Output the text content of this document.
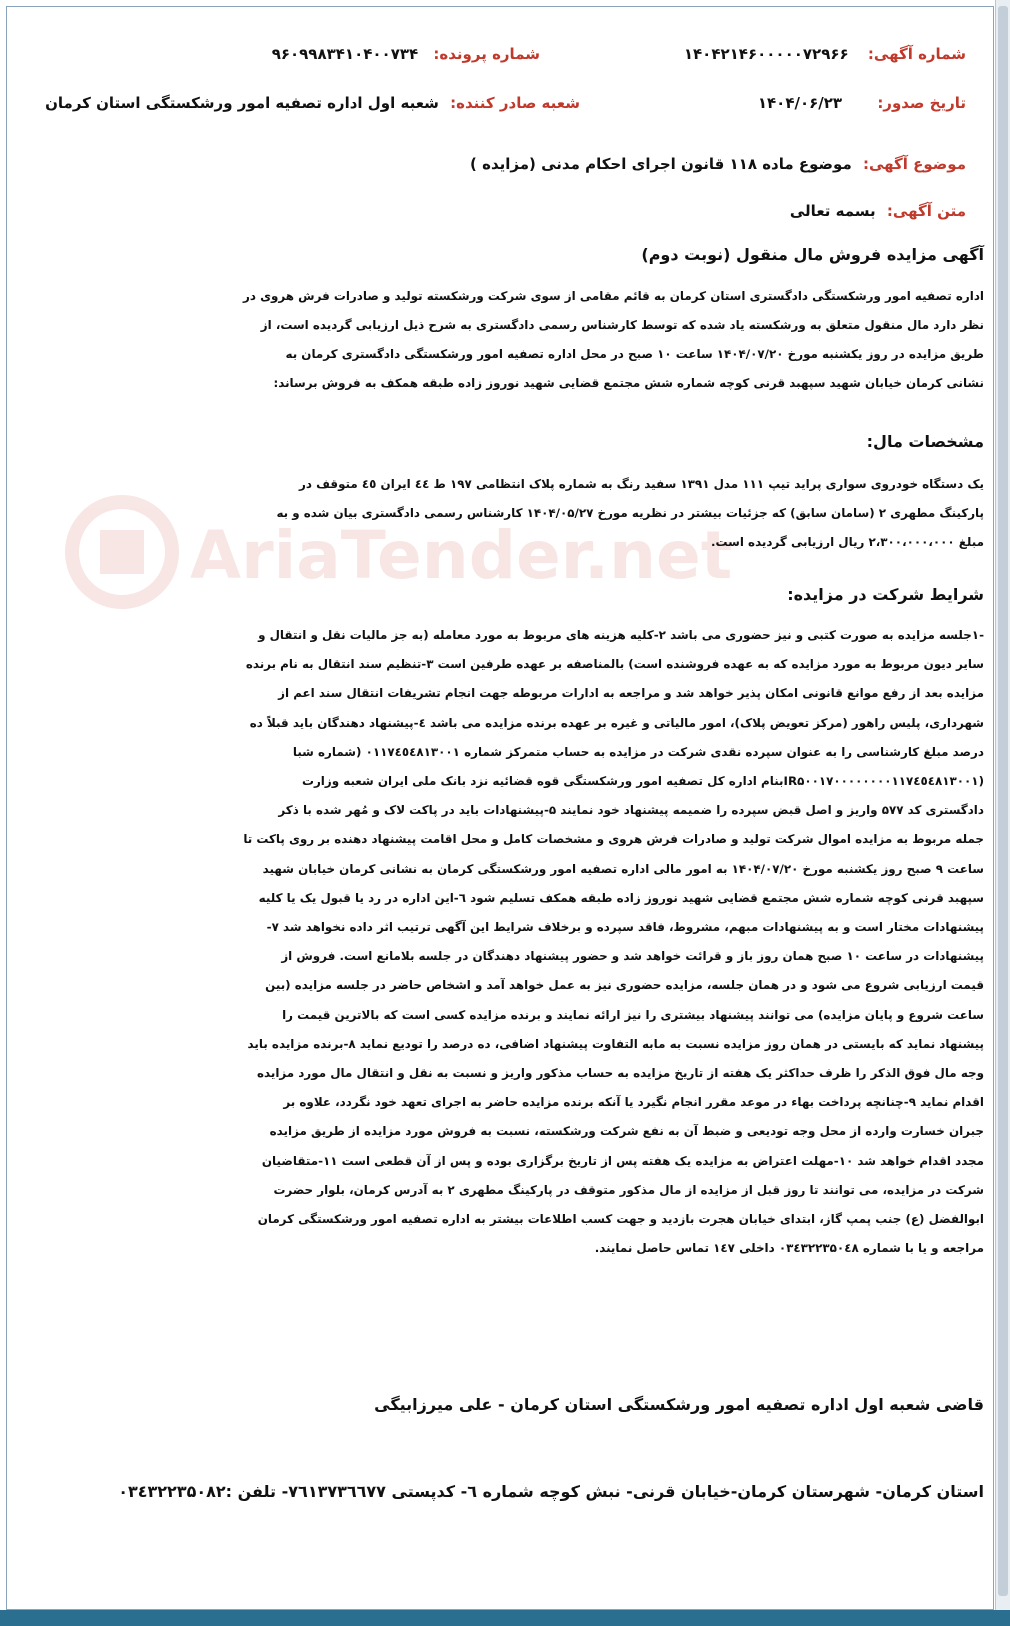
شماره آگهی: ۱۴۰۴۲۱۴۶۰۰۰۰۰۷۲۹۶۶
شماره پرونده: ۹۶۰۹۹۸۳۴۱۰۴۰۰۷۳۴
تاریخ صدور: ۱۴۰۴/۰۶/۲۳
شعبه صادر کننده: شعبه اول اداره تصفیه امور ورشکستگی استان کرمان
موضوع آگهی: موضوع ماده ۱۱۸ قانون اجرای احکام مدنی (مزایده )
متن آگهی: بسمه تعالی
آگهی مزایده فروش مال منقول (نوبت دوم)
اداره تصفیه امور ورشکستگی دادگستری استان کرمان به قائم مقامی از سوی شرکت ورشکسته تولید و صادرات فرش هروی در
نظر دارد مال منقول متعلق به ورشکسته یاد شده که توسط کارشناس رسمی دادگستری به شرح ذیل ارزیابی گردیده است، از
طریق مزایده در روز یکشنبه مورخ ۱۴۰۴/۰۷/۲۰ ساعت ۱۰ صبح در محل اداره تصفیه امور ورشکستگی دادگستری کرمان به
نشانی کرمان خیابان شهید سپهبد قرنی کوچه شماره شش مجتمع قضایی شهید نوروز زاده طبقه همکف به فروش برساند:
مشخصات مال:
یک دستگاه خودروی سواری پراید تیپ ۱۱۱ مدل ۱۳۹۱ سفید رنگ به شماره پلاک انتظامی ۱۹۷ ط ٤٤ ایران ٤٥ متوقف در
پارکینگ مطهری ۲ (سامان سابق) که جزئیات بیشتر در نظریه مورخ ۱۴۰۴/۰۵/۲۷ کارشناس رسمی دادگستری بیان شده و به
مبلغ ۲،۳۰۰،۰۰۰،۰۰۰ ریال ارزیابی گردیده است.
شرایط شرکت در مزایده:
-۱جلسه مزایده به صورت کتبی و نیز حضوری می باشد ۲-کلیه هزینه های مربوط به مورد معامله (به جز مالیات نقل و انتقال و
سایر دیون مربوط به مورد مزایده که به عهده فروشنده است) بالمناصفه بر عهده طرفین است ۳-تنظیم سند انتقال به نام برنده
مزایده بعد از رفع موانع قانونی امکان پذیر خواهد شد و مراجعه به ادارات مربوطه جهت انجام تشریفات انتقال سند اعم از
شهرداری، پلیس راهور (مرکز تعویض پلاک)، امور مالیاتی و غیره بر عهده برنده مزایده می باشد ٤-پیشنهاد دهندگان باید قبلاً ده
درصد مبلغ کارشناسی را به عنوان سپرده نقدی شرکت در مزایده به حساب متمرکز شماره ۰۱۱۷٤٥٤۸۱۳۰۰۱ (شماره شبا
(IR۵۰۰۱۷۰۰۰۰۰۰۰۰۱۱۷٤٥٤۸۱۳۰۰۱بنام اداره کل تصفیه امور ورشکستگی قوه قضائیه نزد بانک ملی ایران شعبه وزارت
دادگستری کد ۵۷۷ واریز و اصل قبض سپرده را ضمیمه پیشنهاد خود نمایند ۵-پیشنهادات باید در پاکت لاک و مُهر شده با ذکر
جمله مربوط به مزایده اموال شرکت تولید و صادرات فرش هروی و مشخصات کامل و محل اقامت پیشنهاد دهنده بر روی پاکت تا
ساعت ۹ صبح روز یکشنبه مورخ ۱۴۰۴/۰۷/۲۰ به امور مالی اداره تصفیه امور ورشکستگی کرمان به نشانی کرمان خیابان شهید
سپهبد قرنی کوچه شماره شش مجتمع قضایی شهید نوروز زاده طبقه همکف تسلیم شود ٦-این اداره در رد یا قبول یک یا کلیه
پیشنهادات مختار است و به پیشنهادات مبهم، مشروط، فاقد سپرده و برخلاف شرایط این آگهی ترتیب اثر داده نخواهد شد ۷-
پیشنهادات در ساعت ۱۰ صبح همان روز باز و قرائت خواهد شد و حضور پیشنهاد دهندگان در جلسه بلامانع است. فروش از
قیمت ارزیابی شروع می شود و در همان جلسه، مزایده حضوری نیز به عمل خواهد آمد و اشخاص حاضر در جلسه مزایده (بین
ساعت شروع و پایان مزایده) می توانند پیشنهاد بیشتری را نیز ارائه نمایند و برنده مزایده کسی است که بالاترین قیمت را
پیشنهاد نماید که بایستی در همان روز مزایده نسبت به مابه التفاوت پیشنهاد اضافی، ده درصد را تودیع نماید ۸-برنده مزایده باید
وجه مال فوق الذکر را ظرف حداکثر یک هفته از تاریخ مزایده به حساب مذکور واریز و نسبت به نقل و انتقال مال مورد مزایده
اقدام نماید ۹-چنانچه پرداخت بهاء در موعد مقرر انجام نگیرد یا آنکه برنده مزایده حاضر به اجرای تعهد خود نگردد، علاوه بر
جبران خسارت وارده از محل وجه تودیعی و ضبط آن به نفع شرکت ورشکسته، نسبت به فروش مورد مزایده از طریق مزایده
مجدد اقدام خواهد شد ۱۰-مهلت اعتراض به مزایده یک هفته پس از تاریخ برگزاری بوده و پس از آن قطعی است ۱۱-متقاضیان
شرکت در مزایده، می توانند تا روز قبل از مزایده از مال مذکور متوقف در پارکینگ مطهری ۲ به آدرس کرمان، بلوار حضرت
ابوالفضل (ع) جنب پمپ گاز، ابتدای خیابان هجرت بازدید و جهت کسب اطلاعات بیشتر به اداره تصفیه امور ورشکستگی کرمان
مراجعه و یا با شماره ۰۳٤۳۲۲۳۵۰٤۸ داخلی ۱٤۷ تماس حاصل نمایند.
قاضی شعبه اول اداره تصفیه امور ورشکستگی استان کرمان - علی میرزابیگی
استان کرمان- شهرستان کرمان-خیابان قرنی- نبش کوچه شماره ٦- کدپستی ۷٦۱۳۷۳٦٦۷۷- تلفن :۰۳٤۳۲۲۳۵۰۸۲
